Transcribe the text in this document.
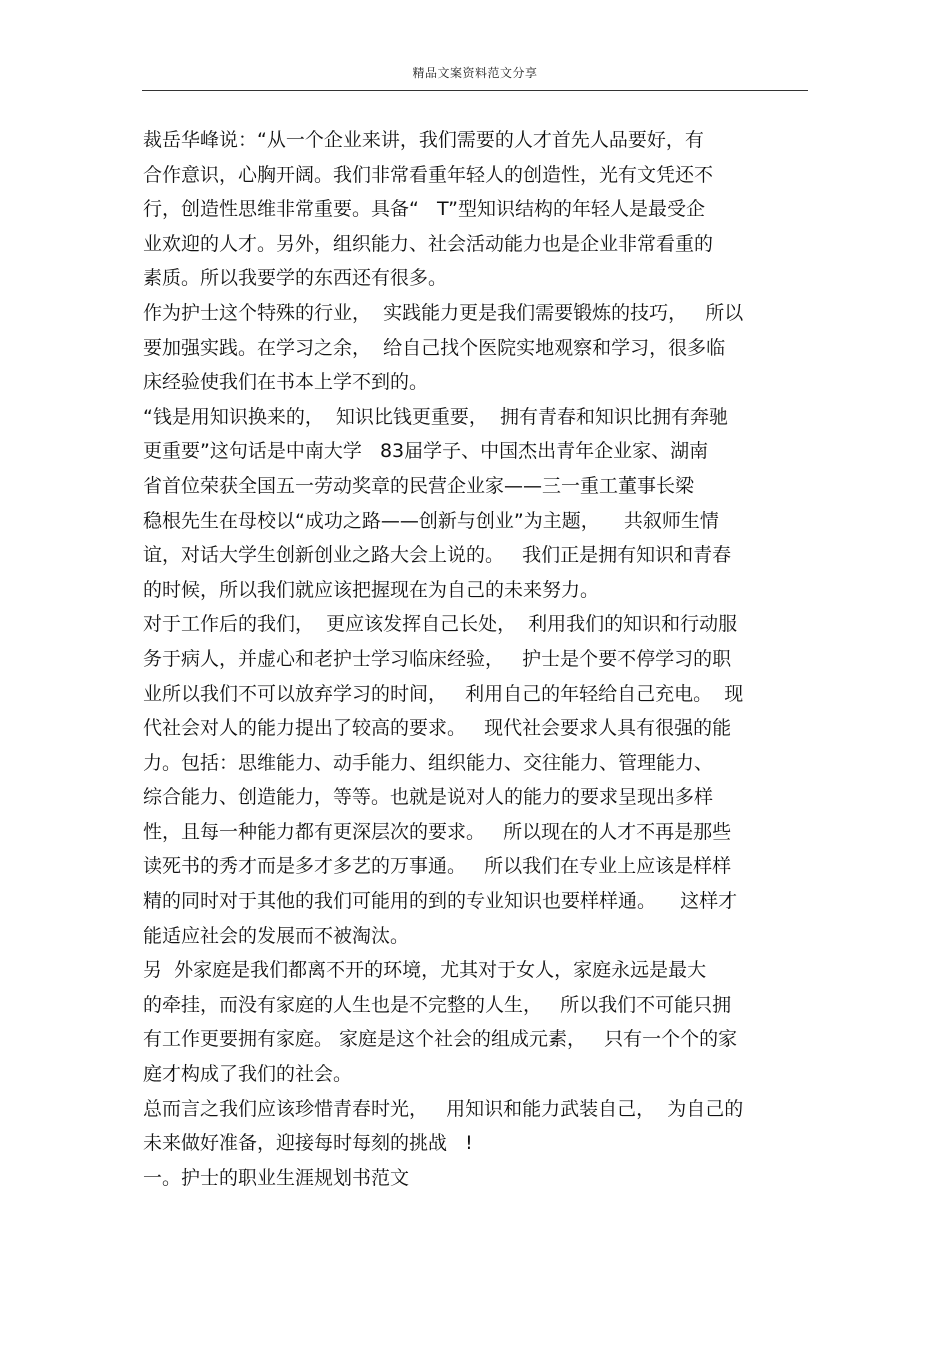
精品文案资料范文分享
裁岳华峰说：“从一个企业来讲，我们需要的人才首先人品要好，有
合作意识，心胸开阔。我们非常看重年轻人的创造性，光有文凭还不
行，创造性思维非常重要。具备“   T”型知识结构的年轻人是最受企
业欢迎的人才。另外，组织能力、社会活动能力也是企业非常看重的
素质。所以我要学的东西还有很多。
作为护士这个特殊的行业，  实践能力更是我们需要锻炼的技巧，   所以
要加强实践。在学习之余，  给自己找个医院实地观察和学习，很多临
床经验使我们在书本上学不到的。
“钱是用知识换来的，  知识比钱更重要，  拥有青春和知识比拥有奔驰
更重要”这句话是中南大学   83届学子、中国杰出青年企业家、湖南
省首位荣获全国五一劳动奖章的民营企业家——三一重工董事长梁
稳根先生在母校以“成功之路——创新与创业”为主题，    共叙师生情
谊，对话大学生创新创业之路大会上说的。   我们正是拥有知识和青春
的时候，所以我们就应该把握现在为自己的未来努力。
对于工作后的我们，  更应该发挥自己长处，  利用我们的知识和行动服
务于病人，并虚心和老护士学习临床经验，   护士是个要不停学习的职
业所以我们不可以放弃学习的时间，   利用自己的年轻给自己充电。  现
代社会对人的能力提出了较高的要求。   现代社会要求人具有很强的能
力。包括：思维能力、动手能力、组织能力、交往能力、管理能力、
综合能力、创造能力，等等。也就是说对人的能力的要求呈现出多样
性，且每一种能力都有更深层次的要求。   所以现在的人才不再是那些
读死书的秀才而是多才多艺的万事通。   所以我们在专业上应该是样样
精的同时对于其他的我们可能用的到的专业知识也要样样通。    这样才
能适应社会的发展而不被淘汰。
另  外家庭是我们都离不开的环境，尤其对于女人，家庭永远是最大
的牵挂，而没有家庭的人生也是不完整的人生，   所以我们不可能只拥
有工作更要拥有家庭。 家庭是这个社会的组成元素，   只有一个个的家
庭才构成了我们的社会。
总而言之我们应该珍惜青春时光，   用知识和能力武装自己，  为自己的
未来做好准备，迎接每时每刻的挑战   !
一。护士的职业生涯规划书范文
